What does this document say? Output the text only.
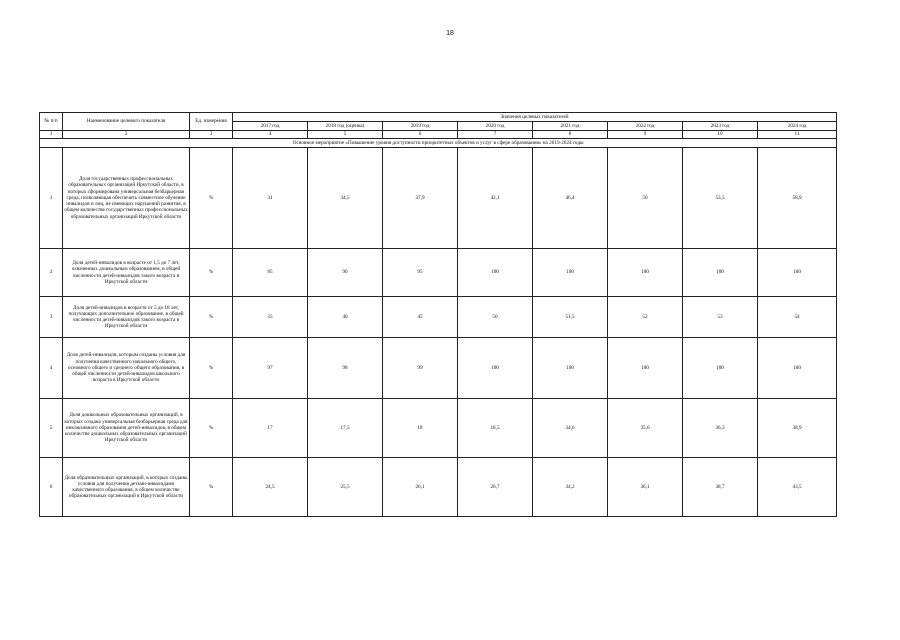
18
№ п/п	Наименование целевого показателя	Ед. измерения	Значения целевых показателей							
			2017 год	2018 год (оценка)	2019 год	2020 год	2021 год	2022 год	2023 год	2024 год
1	2	3	4	5	6	7	8	9	10	11
Основное мероприятие «Повышение уровня доступности приоритетных объектов и услуг в сфере образования» на 2019-2024 годы										
1	Доля государственных профессиональных образовательных организаций Иркутской области, в которых сформирована универсальная безбарьерная среда, позволяющая обеспечить совместное обучение инвалидов и лиц, не имеющих нарушений развития, в общем количестве государственных профессиональных образовательных организаций Иркутской области	%	31	34,5	37,9	42,1	46,4	50	53,5	58,9
2	Доля детей-инвалидов в возрасте от 1,5 до 7 лет, охваченных дошкольным образованием, в общей численности детей-инвалидов такого возраста в Иркутской области	%	85	90	95	100	100	100	100	100
3	Доля детей-инвалидов в возрасте от 5 до 18 лет, получающих дополнительное образование, в общей численности детей-инвалидов такого возраста в Иркутской области	%	35	40	45	50	51,5	52	53	54
4	Доля детей-инвалидов, которым созданы условия для получения качественного начального общего, основного общего и среднего общего образования, в общей численности детей-инвалидов школьного возраста в Иркутской области	%	97	98	99	100	100	100	100	100
5	Доля дошкольных образовательных организаций, в которых создана универсальная безбарьерная среда для инклюзивного образования детей-инвалидов, в общем количестве дошкольных образовательных организаций Иркутской области	%	17	17,5	18	18,5	34,6	35,6	36,3	38,9
6	Доля образовательных организаций, в которых созданы условия для получения детьми-инвалидами качественного образования, в общем количестве образовательных организаций в Иркутской области	%	24,5	25,5	26,1	26,7	34,2	36,1	38,7	43,5
